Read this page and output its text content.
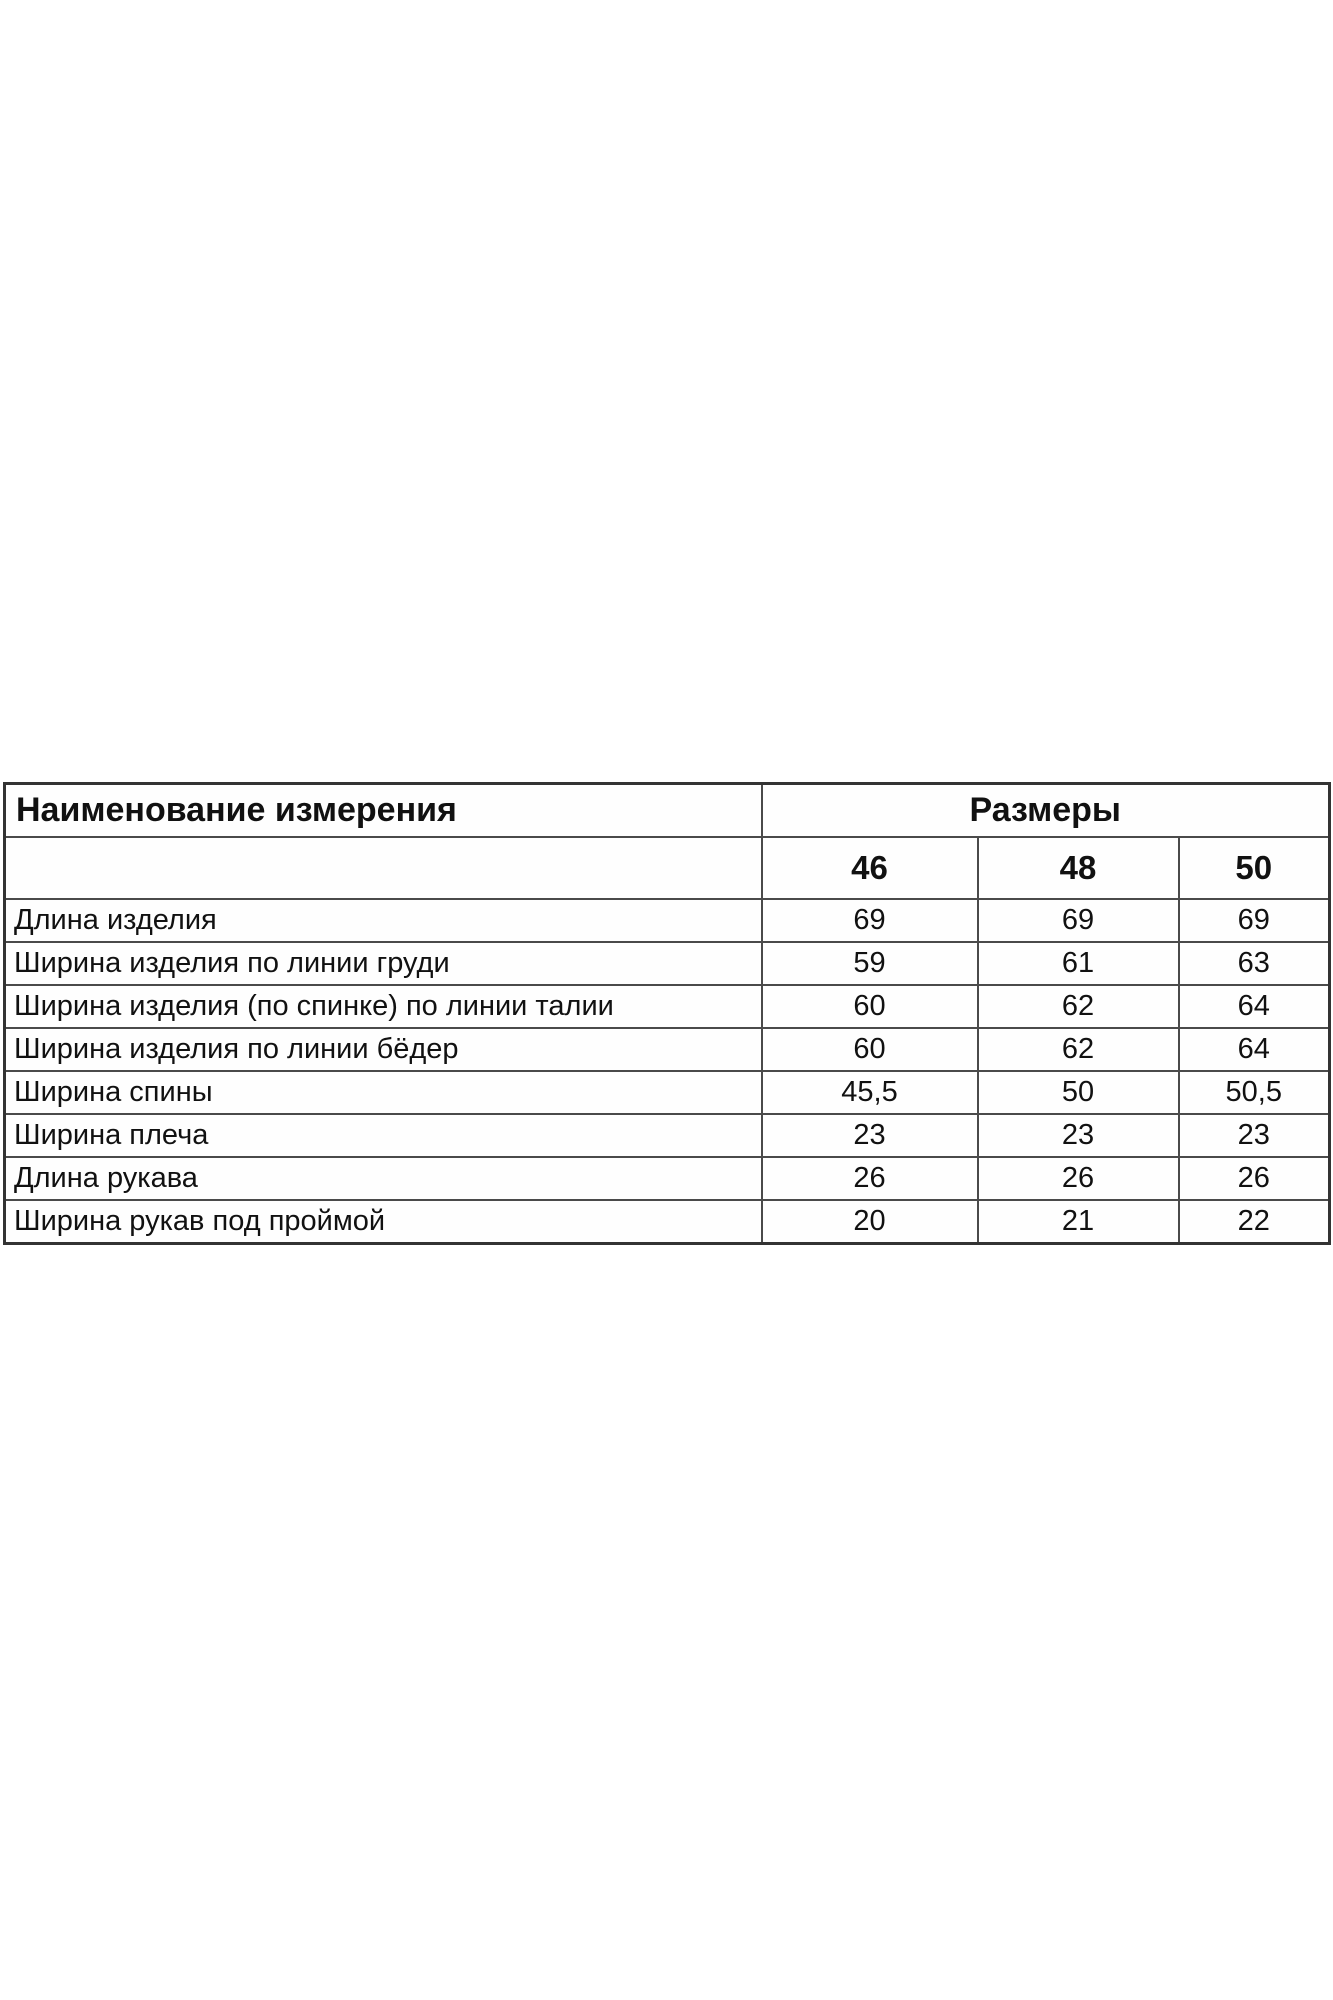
Наименование измерения	Размеры		
	46	48	50
Длина изделия	69	69	69
Ширина изделия по линии груди	59	61	63
Ширина изделия (по спинке) по линии талии	60	62	64
Ширина изделия по линии бёдер	60	62	64
Ширина спины	45,5	50	50,5
Ширина плеча	23	23	23
Длина рукава	26	26	26
Ширина рукав под проймой	20	21	22
